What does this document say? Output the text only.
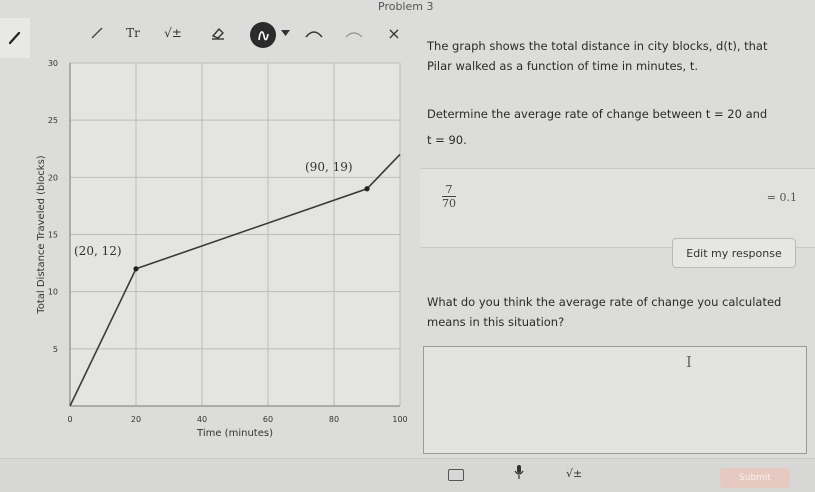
Problem 3
Tr	√±	×
0	20	40	60	80	100
5
10
15
20
25
30
Time (minutes)
Total Distance Traveled (blocks) (20, 12)
(90, 19)
The graph shows the total distance in city blocks, d(t), that
Pilar walked as a function of time in minutes, t.
Determine the average rate of change between t = 20 and
t = 90.
$\frac{7}{70}$	= 0.1
Edit my response
What do you think the average rate of change you calculated
means in this situation?
I
√±	Submit
